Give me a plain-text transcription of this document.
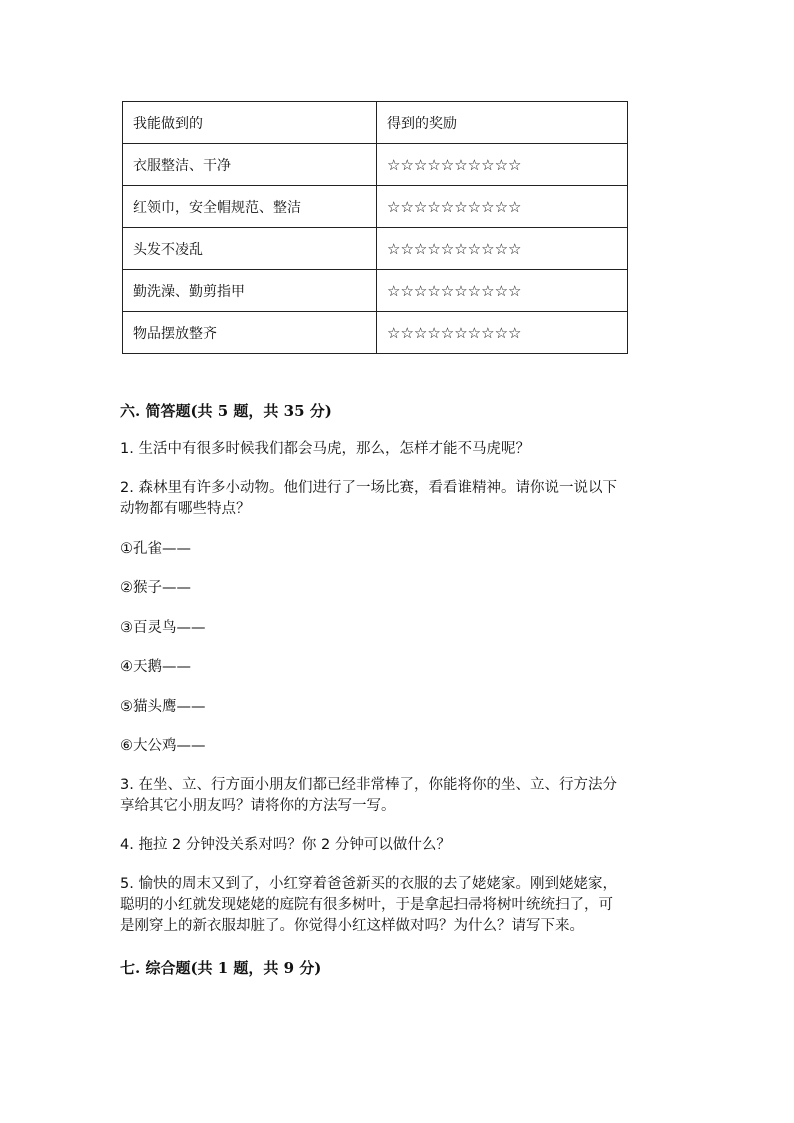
我能做到的	得到的奖励
衣服整洁、干净	☆☆☆☆☆☆☆☆☆☆
红领巾，安全帽规范、整洁	☆☆☆☆☆☆☆☆☆☆
头发不凌乱	☆☆☆☆☆☆☆☆☆☆
勤洗澡、勤剪指甲	☆☆☆☆☆☆☆☆☆☆
物品摆放整齐	☆☆☆☆☆☆☆☆☆☆
六. 简答题(共 5 题，共 35 分)
1. 生活中有很多时候我们都会马虎，那么，怎样才能不马虎呢？
2. 森林里有许多小动物。他们进行了一场比赛，看看谁精神。请你说一说以下
动物都有哪些特点？
①孔雀——
②猴子——
③百灵鸟——
④天鹅——
⑤猫头鹰——
⑥大公鸡——
3. 在坐、立、行方面小朋友们都已经非常棒了，你能将你的坐、立、行方法分
享给其它小朋友吗？请将你的方法写一写。
4. 拖拉 2 分钟没关系对吗？你 2 分钟可以做什么？
5. 愉快的周末又到了，小红穿着爸爸新买的衣服的去了姥姥家。刚到姥姥家，
聪明的小红就发现姥姥的庭院有很多树叶，于是拿起扫帚将树叶统统扫了，可
是刚穿上的新衣服却脏了。你觉得小红这样做对吗？为什么？请写下来。
七. 综合题(共 1 题，共 9 分)
